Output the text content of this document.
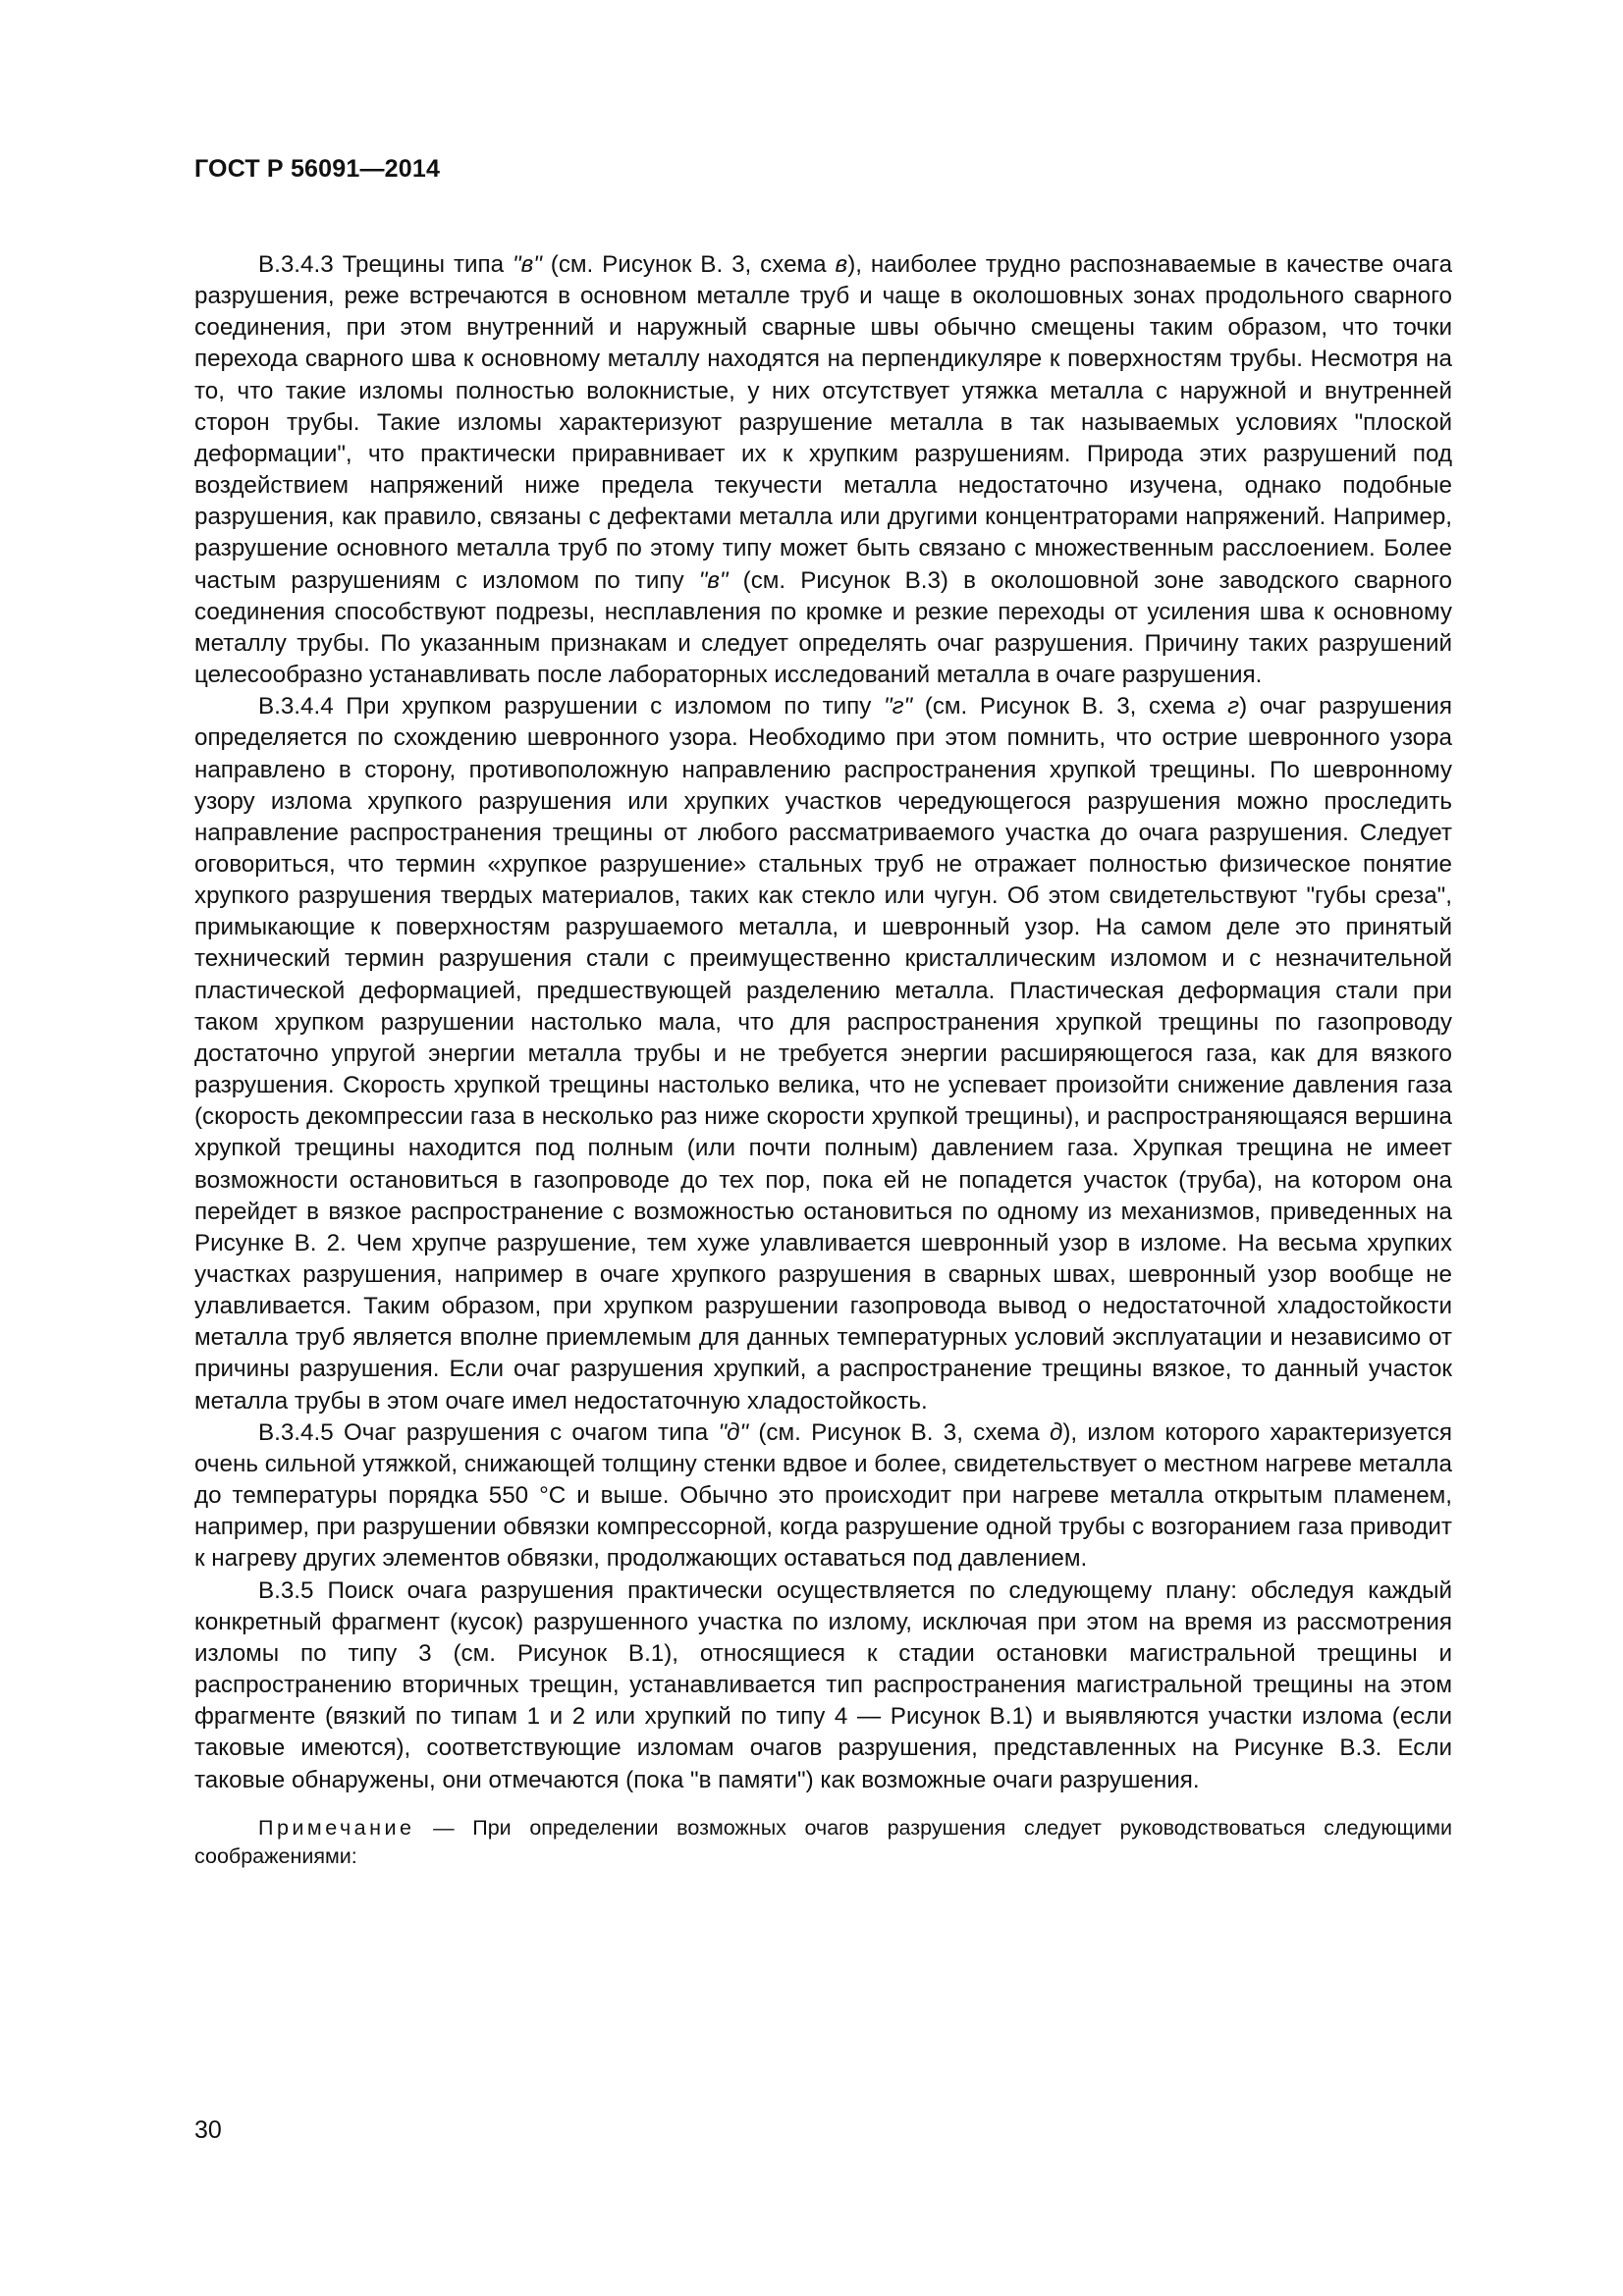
ГОСТ Р 56091—2014

В.3.4.3 Трещины типа "в" (см. Рисунок В. 3, схема в), наиболее трудно распознаваемые в качестве очага разрушения, реже встречаются в основном металле труб и чаще в околошовных зонах продольного сварного соединения, при этом внутренний и наружный сварные швы обычно смещены таким образом, что точки перехода сварного шва к основному металлу находятся на перпендикуляре к поверхностям трубы. Несмотря на то, что такие изломы полностью волокнистые, у них отсутствует утяжка металла с наружной и внутренней сторон трубы. Такие изломы характеризуют разрушение металла в так называемых условиях "плоской деформации", что практически приравнивает их к хрупким разрушениям. Природа этих разрушений под воздействием напряжений ниже предела текучести металла недостаточно изучена, однако подобные разрушения, как правило, связаны с дефектами металла или другими концентраторами напряжений. Например, разрушение основного металла труб по этому типу может быть связано с множественным расслоением. Более частым разрушениям с изломом по типу "в" (см. Рисунок В.3) в околошовной зоне заводского сварного соединения способствуют подрезы, несплавления по кромке и резкие переходы от усиления шва к основному металлу трубы. По указанным признакам и следует определять очаг разрушения. Причину таких разрушений целесообразно устанавливать после лабораторных исследований металла в очаге разрушения.

В.3.4.4 При хрупком разрушении с изломом по типу "г" (см. Рисунок В. 3, схема г) очаг разрушения определяется по схождению шевронного узора. Необходимо при этом помнить, что острие шевронного узора направлено в сторону, противоположную направлению распространения хрупкой трещины. По шевронному узору излома хрупкого разрушения или хрупких участков чередующегося разрушения можно проследить направление распространения трещины от любого рассматриваемого участка до очага разрушения. Следует оговориться, что термин «хрупкое разрушение» стальных труб не отражает полностью физическое понятие хрупкого разрушения твердых материалов, таких как стекло или чугун. Об этом свидетельствуют "губы среза", примыкающие к поверхностям разрушаемого металла, и шевронный узор. На самом деле это принятый технический термин разрушения стали с преимущественно кристаллическим изломом и с незначительной пластической деформацией, предшествующей разделению металла. Пластическая деформация стали при таком хрупком разрушении настолько мала, что для распространения хрупкой трещины по газопроводу достаточно упругой энергии металла трубы и не требуется энергии расширяющегося газа, как для вязкого разрушения. Скорость хрупкой трещины настолько велика, что не успевает произойти снижение давления газа (скорость декомпрессии газа в несколько раз ниже скорости хрупкой трещины), и распространяющаяся вершина хрупкой трещины находится под полным (или почти полным) давлением газа. Хрупкая трещина не имеет возможности остановиться в газопроводе до тех пор, пока ей не попадется участок (труба), на котором она перейдет в вязкое распространение с возможностью остановиться по одному из механизмов, приведенных на Рисунке В. 2. Чем хрупче разрушение, тем хуже улавливается шевронный узор в изломе. На весьма хрупких участках разрушения, например в очаге хрупкого разрушения в сварных швах, шевронный узор вообще не улавливается. Таким образом, при хрупком разрушении газопровода вывод о недостаточной хладостойкости металла труб является вполне приемлемым для данных температурных условий эксплуатации и независимо от причины разрушения. Если очаг разрушения хрупкий, а распространение трещины вязкое, то данный участок металла трубы в этом очаге имел недостаточную хладостойкость.

В.3.4.5 Очаг разрушения с очагом типа "д" (см. Рисунок В. 3, схема д), излом которого характеризуется очень сильной утяжкой, снижающей толщину стенки вдвое и более, свидетельствует о местном нагреве металла до температуры порядка 550 °С и выше. Обычно это происходит при нагреве металла открытым пламенем, например, при разрушении обвязки компрессорной, когда разрушение одной трубы с возгоранием газа приводит к нагреву других элементов обвязки, продолжающих оставаться под давлением.

В.3.5 Поиск очага разрушения практически осуществляется по следующему плану: обследуя каждый конкретный фрагмент (кусок) разрушенного участка по излому, исключая при этом на время из рассмотрения изломы по типу 3 (см. Рисунок В.1), относящиеся к стадии остановки магистральной трещины и распространению вторичных трещин, устанавливается тип распространения магистральной трещины на этом фрагменте (вязкий по типам 1 и 2 или хрупкий по типу 4 — Рисунок В.1) и выявляются участки излома (если таковые имеются), соответствующие изломам очагов разрушения, представленных на Рисунке В.3. Если таковые обнаружены, они отмечаются (пока "в памяти") как возможные очаги разрушения.

Примечание — При определении возможных очагов разрушения следует руководствоваться следующими соображениями:

30
